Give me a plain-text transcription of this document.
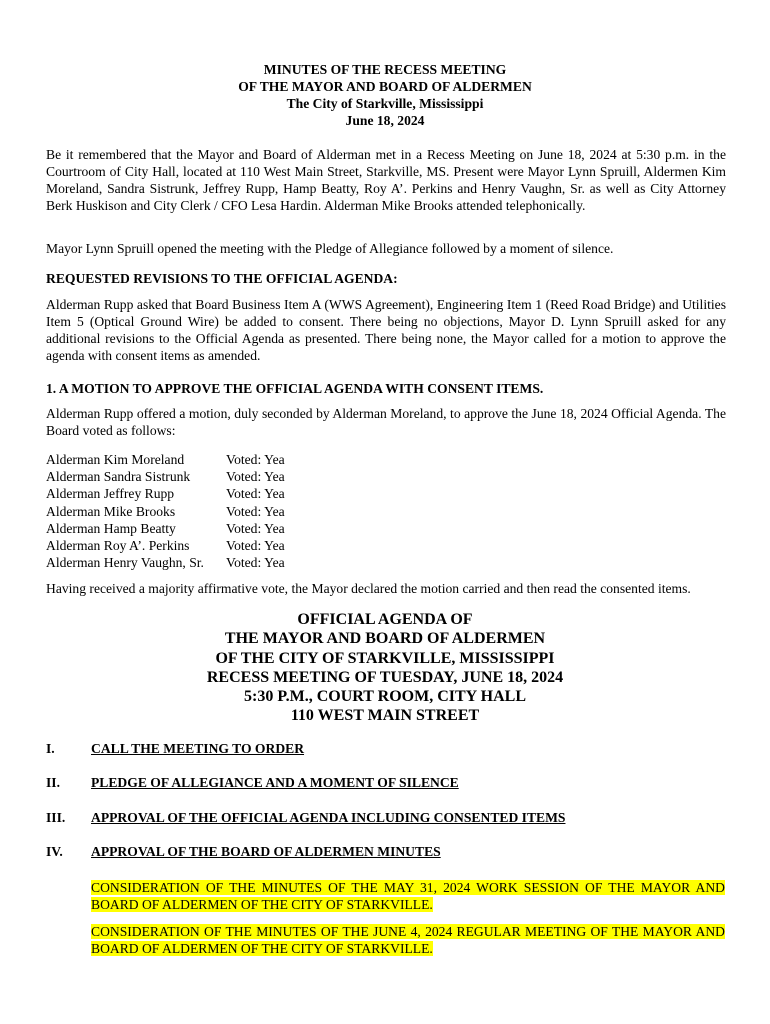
MINUTES OF THE RECESS MEETING
OF THE MAYOR AND BOARD OF ALDERMEN
The City of Starkville, Mississippi
June 18, 2024
Be it remembered that the Mayor and Board of Alderman met in a Recess Meeting on June 18, 2024 at 5:30 p.m. in the Courtroom of City Hall, located at 110 West Main Street, Starkville, MS. Present were Mayor Lynn Spruill, Aldermen Kim Moreland, Sandra Sistrunk, Jeffrey Rupp, Hamp Beatty, Roy A’. Perkins and Henry Vaughn, Sr. as well as City Attorney Berk Huskison and City Clerk / CFO Lesa Hardin. Alderman Mike Brooks attended telephonically.
Mayor Lynn Spruill opened the meeting with the Pledge of Allegiance followed by a moment of silence.
REQUESTED REVISIONS TO THE OFFICIAL AGENDA:
Alderman Rupp asked that Board Business Item A (WWS Agreement), Engineering Item 1 (Reed Road Bridge) and Utilities Item 5 (Optical Ground Wire) be added to consent. There being no objections, Mayor D. Lynn Spruill asked for any additional revisions to the Official Agenda as presented. There being none, the Mayor called for a motion to approve the agenda with consent items as amended.
1. A MOTION TO APPROVE THE OFFICIAL AGENDA WITH CONSENT ITEMS.
Alderman Rupp offered a motion, duly seconded by Alderman Moreland, to approve the June 18, 2024 Official Agenda. The Board voted as follows:
Alderman Kim Moreland	Voted: Yea
Alderman Sandra Sistrunk	Voted: Yea
Alderman Jeffrey Rupp	Voted: Yea
Alderman Mike Brooks	Voted: Yea
Alderman Hamp Beatty	Voted: Yea
Alderman Roy A’. Perkins	Voted: Yea
Alderman Henry Vaughn, Sr.	Voted: Yea
Having received a majority affirmative vote, the Mayor declared the motion carried and then read the consented items.
OFFICIAL AGENDA OF
THE MAYOR AND BOARD OF ALDERMEN
OF THE CITY OF STARKVILLE, MISSISSIPPI
RECESS MEETING OF TUESDAY, JUNE 18, 2024
5:30 P.M., COURT ROOM, CITY HALL
110 WEST MAIN STREET
I.	CALL THE MEETING TO ORDER
II. PLEDGE OF ALLEGIANCE AND A MOMENT OF SILENCE
III. APPROVAL OF THE OFFICIAL AGENDA INCLUDING CONSENTED ITEMS
IV. APPROVAL OF THE BOARD OF ALDERMEN MINUTES
CONSIDERATION OF THE MINUTES OF THE MAY 31, 2024 WORK SESSION OF THE MAYOR AND BOARD OF ALDERMEN OF THE CITY OF STARKVILLE.
CONSIDERATION OF THE MINUTES OF THE JUNE 4, 2024 REGULAR MEETING OF THE MAYOR AND BOARD OF ALDERMEN OF THE CITY OF STARKVILLE.
